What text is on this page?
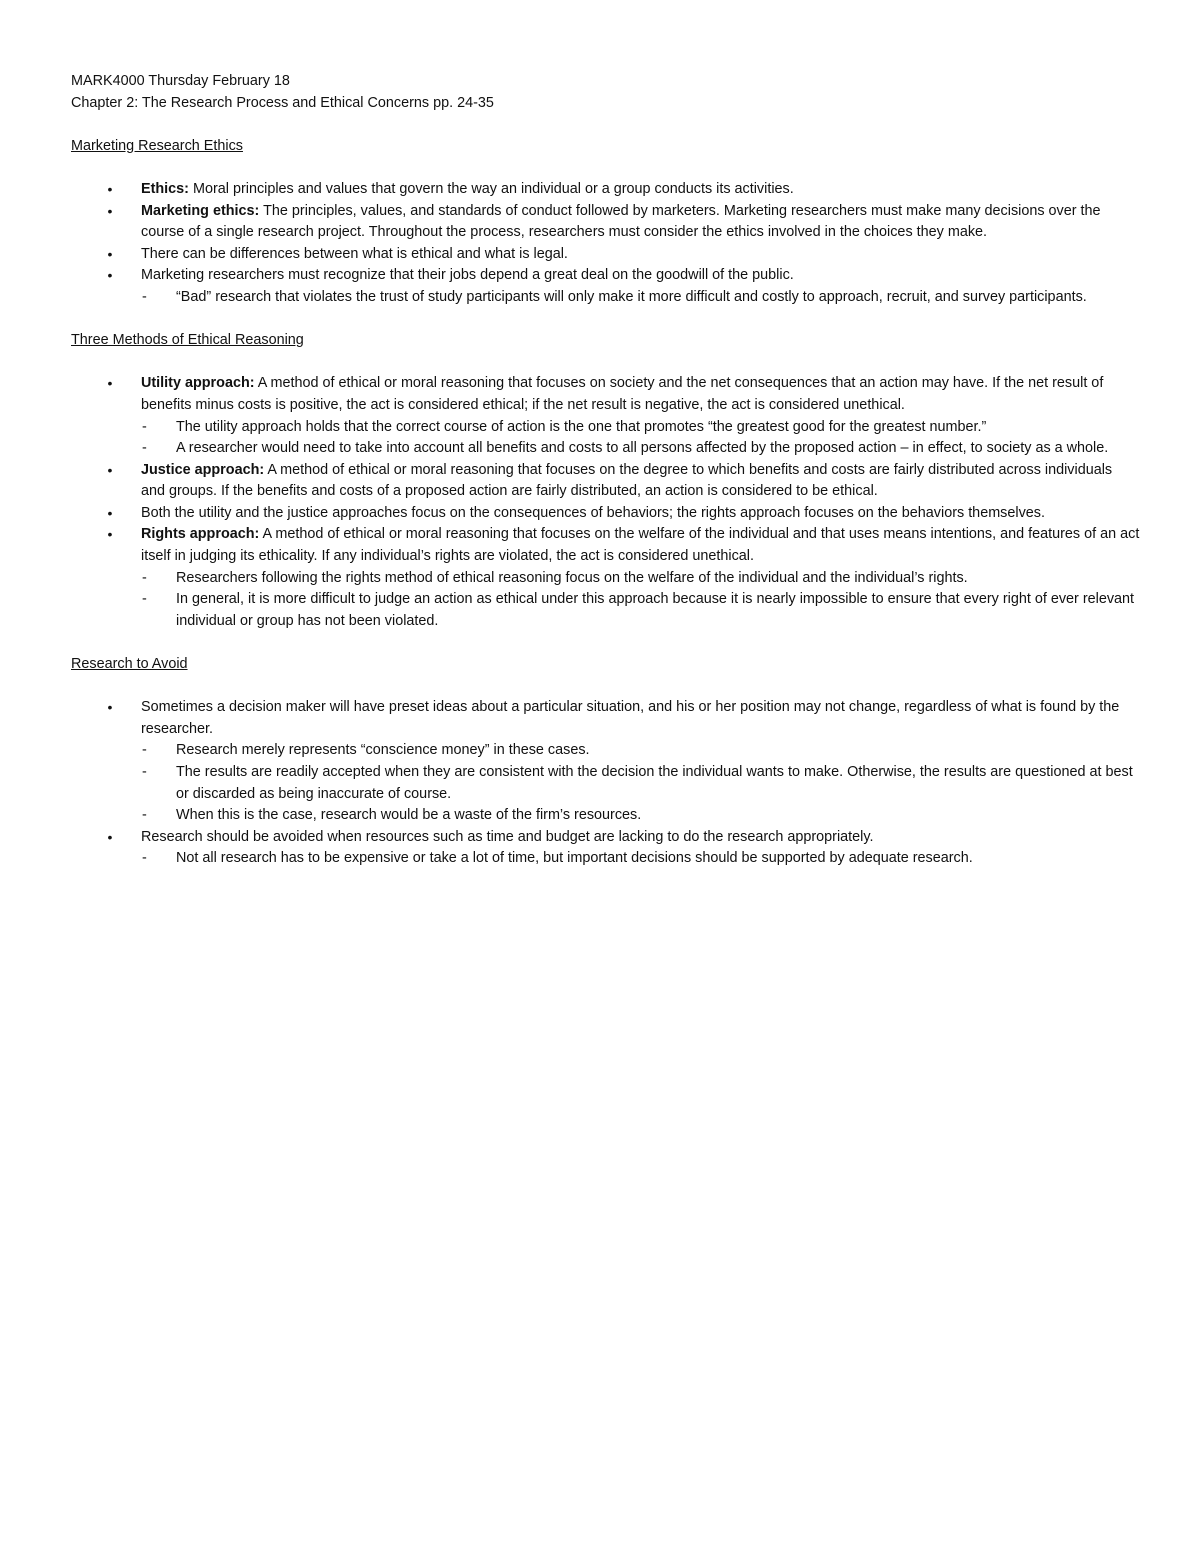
MARK4000 Thursday February 18

Chapter 2: The Research Process and Ethical Concerns pp. 24-35

Marketing Research Ethics

•
Ethics: Moral principles and values that govern the way an individual or a group conducts its activities.
•
Marketing ethics: The principles, values, and standards of conduct followed by marketers. Marketing researchers must make many decisions over the course of a single research project. Throughout the process, researchers must consider the ethics involved in the choices they make.
•
There can be differences between what is ethical and what is legal.
•
Marketing researchers must recognize that their jobs depend a great deal on the goodwill of the public.
- “Bad” research that violates the trust of study participants will only make it more difficult and costly to approach, recruit, and survey participants.

Three Methods of Ethical Reasoning

•
Utility approach: A method of ethical or moral reasoning that focuses on society and the net consequences that an action may have. If the net result of benefits minus costs is positive, the act is considered ethical; if the net result is negative, the act is considered unethical.
- The utility approach holds that the correct course of action is the one that promotes “the greatest good for the greatest number.”
- A researcher would need to take into account all benefits and costs to all persons affected by the proposed action – in effect, to society as a whole.
•
Justice approach: A method of ethical or moral reasoning that focuses on the degree to which benefits and costs are fairly distributed across individuals and groups. If the benefits and costs of a proposed action are fairly distributed, an action is considered to be ethical.
•
Both the utility and the justice approaches focus on the consequences of behaviors; the rights approach focuses on the behaviors themselves.
•
Rights approach: A method of ethical or moral reasoning that focuses on the welfare of the individual and that uses means intentions, and features of an act itself in judging its ethicality. If any individual’s rights are violated, the act is considered unethical.
- Researchers following the rights method of ethical reasoning focus on the welfare of the individual and the individual’s rights.
- In general, it is more difficult to judge an action as ethical under this approach because it is nearly impossible to ensure that every right of ever relevant individual or group has not been violated.

Research to Avoid

•
Sometimes a decision maker will have preset ideas about a particular situation, and his or her position may not change, regardless of what is found by the researcher.
- Research merely represents “conscience money” in these cases.
- The results are readily accepted when they are consistent with the decision the individual wants to make. Otherwise, the results are questioned at best or discarded as being inaccurate of course.
- When this is the case, research would be a waste of the firm’s resources.
•
Research should be avoided when resources such as time and budget are lacking to do the research appropriately.
- Not all research has to be expensive or take a lot of time, but important decisions should be supported by adequate research.
